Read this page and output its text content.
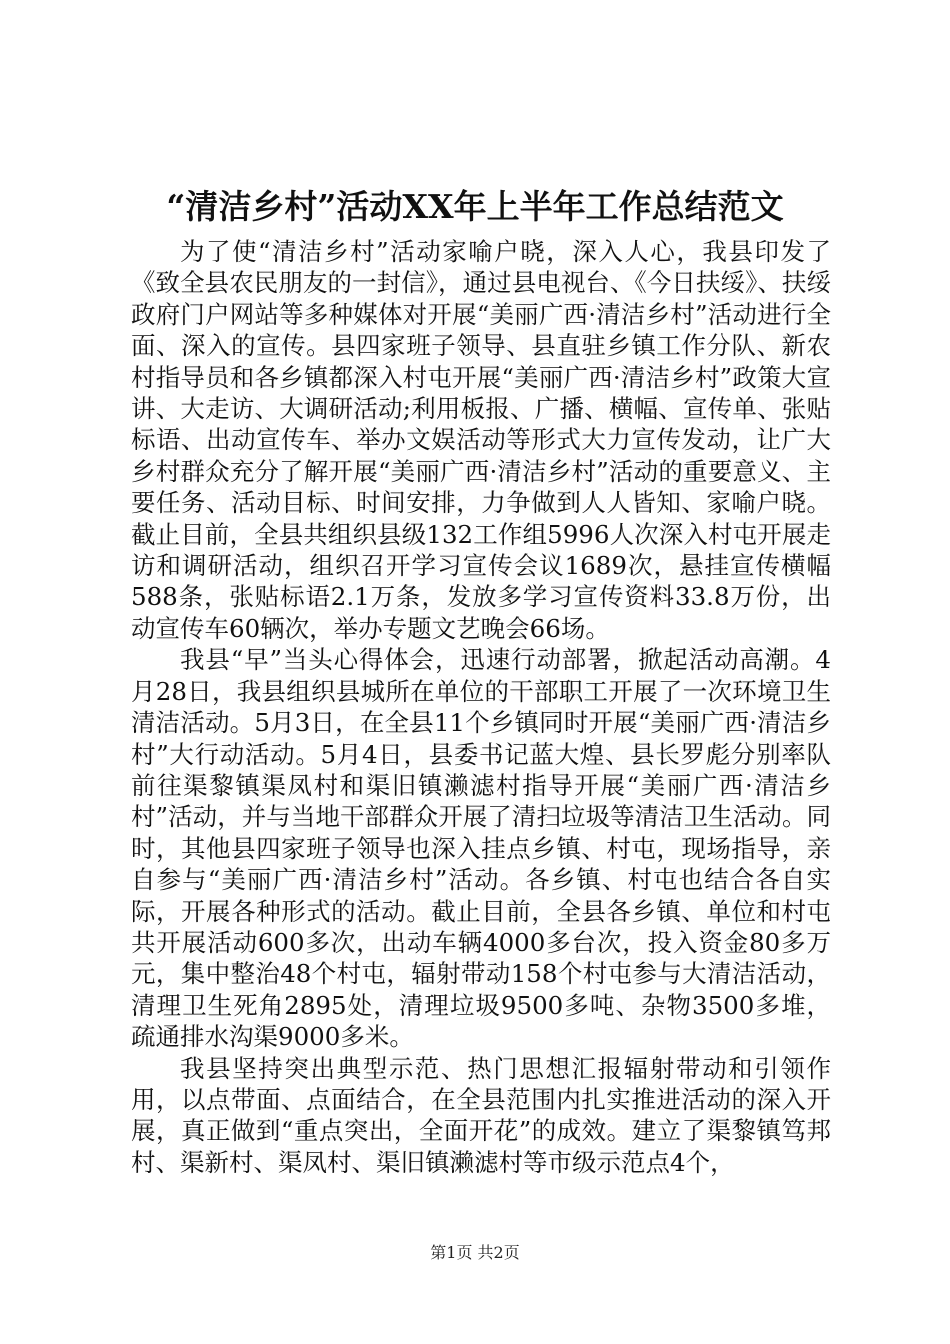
“清洁乡村”活动XX年上半年工作总结范文

为了使“清洁乡村”活动家喻户晓，深入人心，我县印发了《致全县农民朋友的一封信》，通过县电视台、《今日扶绥》、扶绥政府门户网站等多种媒体对开展“美丽广西·清洁乡村”活动进行全面、深入的宣传。县四家班子领导、县直驻乡镇工作分队、新农村指导员和各乡镇都深入村屯开展“美丽广西·清洁乡村”政策大宣讲、大走访、大调研活动;利用板报、广播、横幅、宣传单、张贴标语、出动宣传车、举办文娱活动等形式大力宣传发动，让广大乡村群众充分了解开展“美丽广西·清洁乡村”活动的重要意义、主要任务、活动目标、时间安排，力争做到人人皆知、家喻户晓。截止目前，全县共组织县级132工作组5996人次深入村屯开展走访和调研活动，组织召开学习宣传会议1689次，悬挂宣传横幅588条，张贴标语2.1万条，发放多学习宣传资料33.8万份，出动宣传车60辆次，举办专题文艺晚会66场。

我县“早”当头心得体会，迅速行动部署，掀起活动高潮。4月28日，我县组织县城所在单位的干部职工开展了一次环境卫生清洁活动。5月3日，在全县11个乡镇同时开展“美丽广西·清洁乡村”大行动活动。5月4日，县委书记蓝大煌、县长罗彪分别率队前往渠黎镇渠凤村和渠旧镇濑滤村指导开展“美丽广西·清洁乡村”活动，并与当地干部群众开展了清扫垃圾等清洁卫生活动。同时，其他县四家班子领导也深入挂点乡镇、村屯，现场指导，亲自参与“美丽广西·清洁乡村”活动。各乡镇、村屯也结合各自实际，开展各种形式的活动。截止目前，全县各乡镇、单位和村屯共开展活动600多次，出动车辆4000多台次，投入资金80多万元，集中整治48个村屯，辐射带动158个村屯参与大清洁活动，清理卫生死角2895处，清理垃圾9500多吨、杂物3500多堆，疏通排水沟渠9000多米。

我县坚持突出典型示范、热门思想汇报辐射带动和引领作用，以点带面、点面结合，在全县范围内扎实推进活动的深入开展，真正做到“重点突出，全面开花”的成效。建立了渠黎镇笃邦村、渠新村、渠凤村、渠旧镇濑滤村等市级示范点4个，

第1页 共2页
